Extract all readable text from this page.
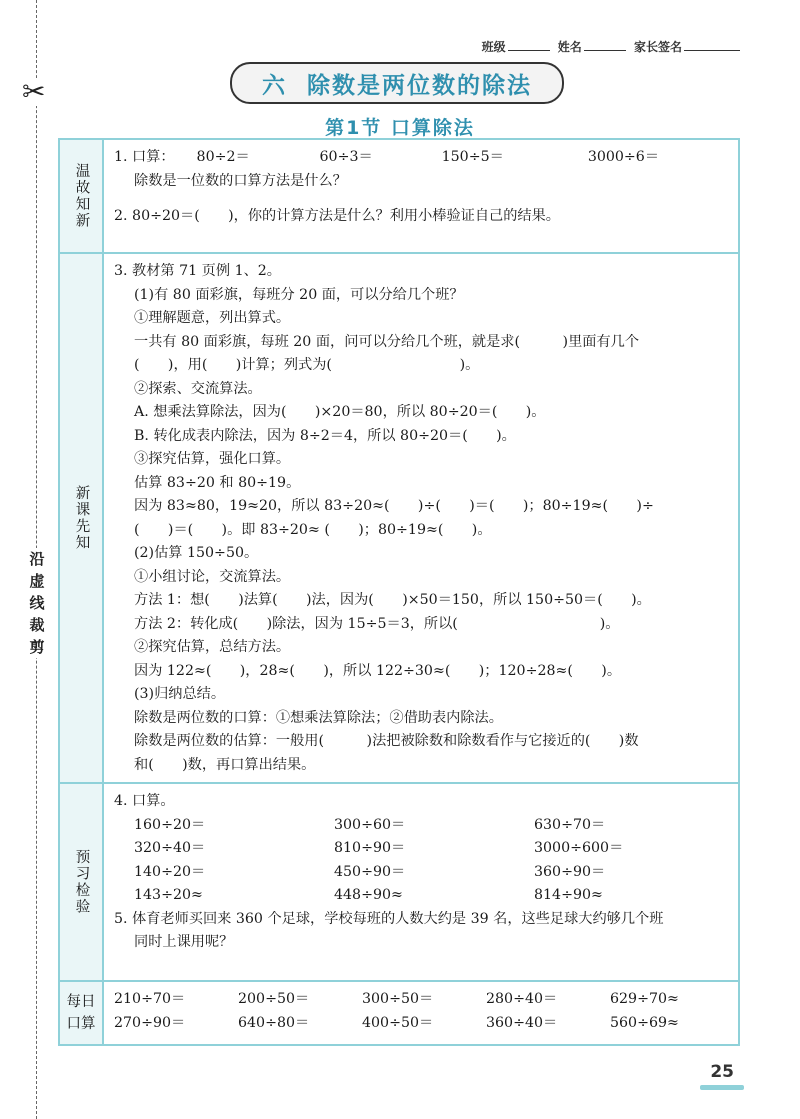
✂
沿虚线裁剪
班级	姓名	家长签名
六 除数是两位数的除法
第1节 口算除法
温故知新
1. 口算：	80÷2＝	60÷3＝	150÷5＝	3000÷6＝
除数是一位数的口算方法是什么？
2. 80÷20＝(　　)，你的计算方法是什么？利用小棒验证自己的结果。
新课先知
3. 教材第 71 页例 1、2。
(1)有 80 面彩旗，每班分 20 面，可以分给几个班？
①理解题意，列出算式。
一共有 80 面彩旗，每班 20 面，问可以分给几个班，就是求(　　　)里面有几个
(　　)，用(　　)计算；列式为(　　　　　　　　　)。
②探索、交流算法。
A. 想乘法算除法，因为(　　)×20＝80，所以 80÷20＝(　　)。
B. 转化成表内除法，因为 8÷2＝4，所以 80÷20＝(　　)。
③探究估算，强化口算。
估算 83÷20 和 80÷19。
因为 83≈80，19≈20，所以 83÷20≈(　　)÷(　　)＝(　　)；80÷19≈(　　)÷
(　　)＝(　　)。即 83÷20≈ (　　)；80÷19≈(　　)。
(2)估算 150÷50。
①小组讨论，交流算法。
方法 1：想(　　)法算(　　)法，因为(　　)×50＝150，所以 150÷50＝(　　)。
方法 2：转化成(　　)除法，因为 15÷5＝3，所以(　　　　　　　　　　)。
②探究估算，总结方法。
因为 122≈(　　)，28≈(　　)，所以 122÷30≈(　　)；120÷28≈(　　)。
(3)归纳总结。
除数是两位数的口算：①想乘法算除法；②借助表内除法。
除数是两位数的估算：一般用(　　　)法把被除数和除数看作与它接近的(　　)数
和(　　)数，再口算出结果。
预习检验
4. 口算。
160÷20＝	300÷60＝	630÷70＝
320÷40＝	810÷90＝	3000÷600＝
140÷20＝	450÷90＝	360÷90＝
143÷20≈	448÷90≈	814÷90≈
5. 体育老师买回来 360 个足球，学校每班的人数大约是 39 名，这些足球大约够几个班
同时上课用呢？
每日口算
210÷70＝	200÷50＝	300÷50＝	280÷40＝	629÷70≈
270÷90＝	640÷80＝	400÷50＝	360÷40＝	560÷69≈
25
